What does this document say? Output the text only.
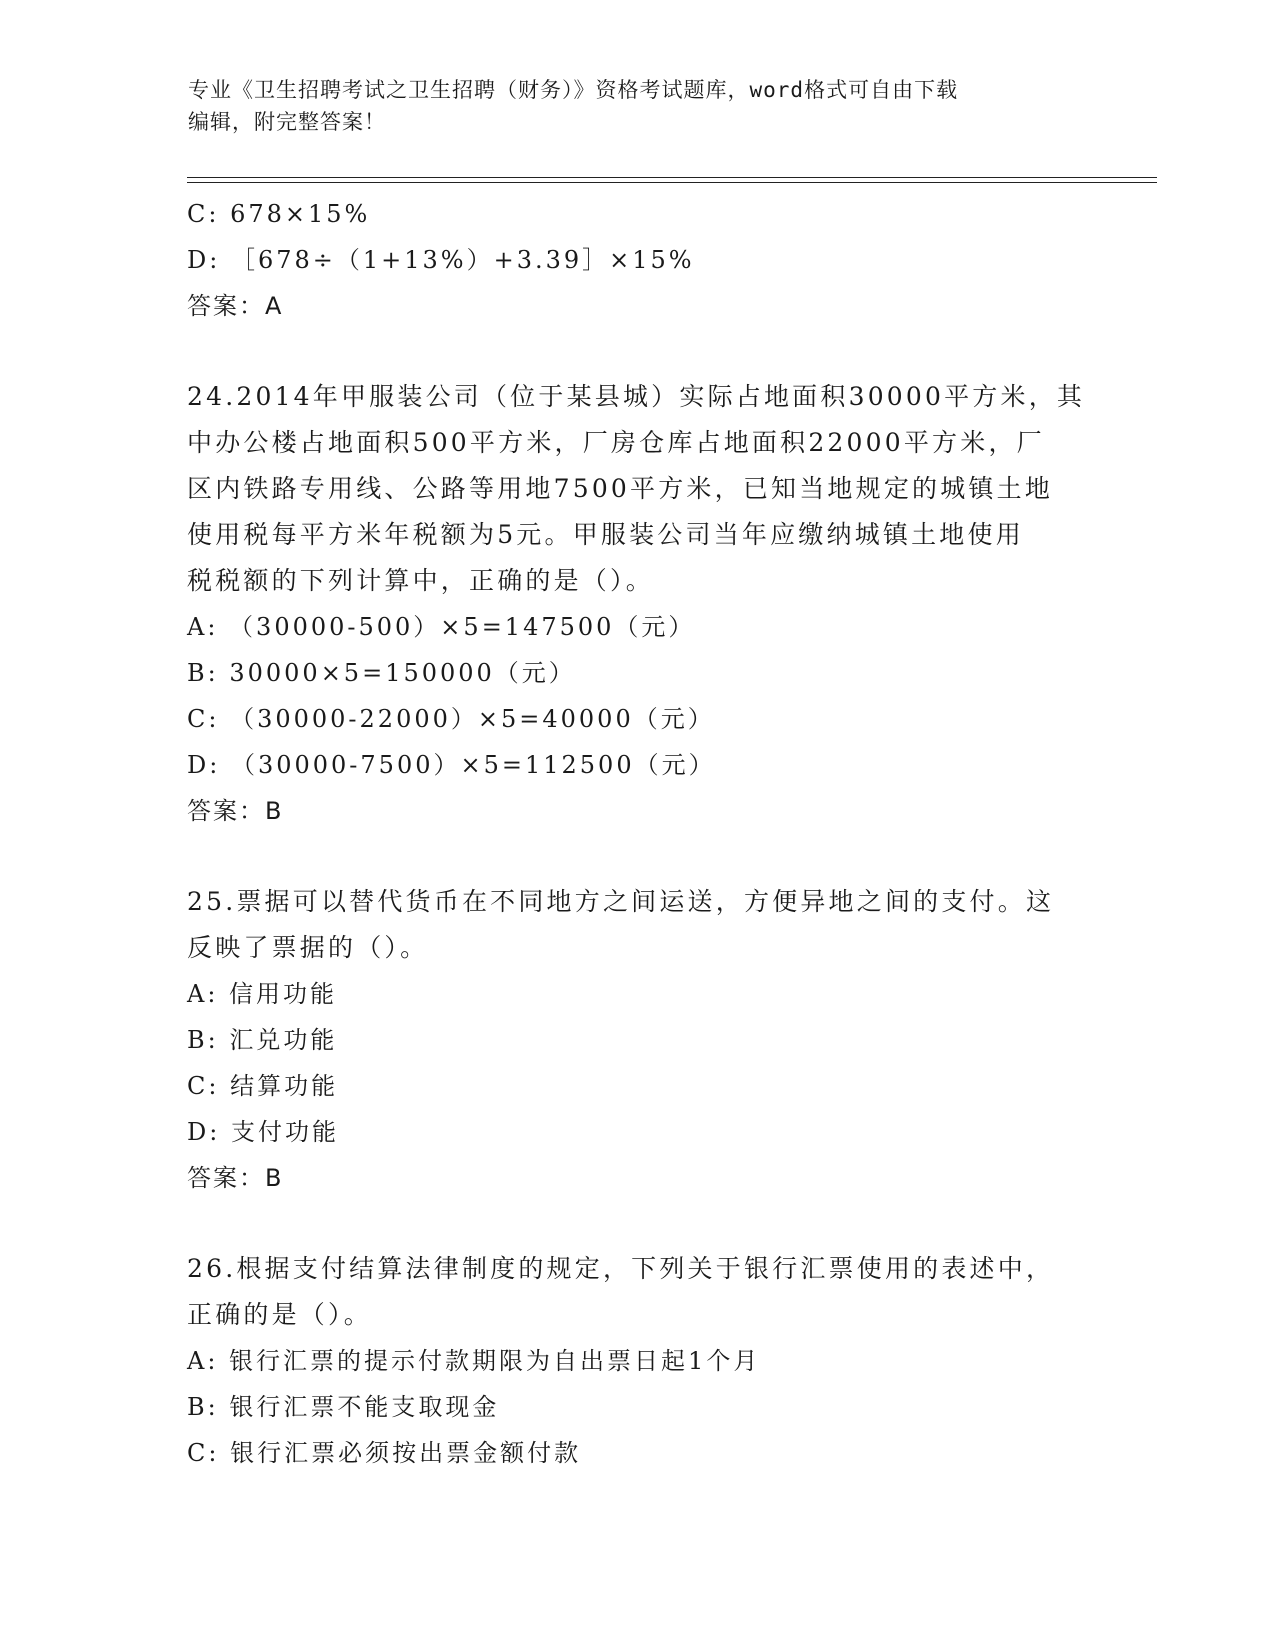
专业《卫生招聘考试之卫生招聘（财务）》资格考试题库，word格式可自由下载
编辑，附完整答案！
C: 678×15%
D: ［678÷（1+13%）+3.39］×15%
答案：A
24.2014年甲服装公司（位于某县城）实际占地面积30000平方米，其
中办公楼占地面积500平方米，厂房仓库占地面积22000平方米，厂
区内铁路专用线、公路等用地7500平方米，已知当地规定的城镇土地
使用税每平方米年税额为5元。甲服装公司当年应缴纳城镇土地使用
税税额的下列计算中，正确的是（）。
A: （30000-500）×5=147500（元）
B: 30000×5=150000（元）
C: （30000-22000）×5=40000（元）
D: （30000-7500）×5=112500（元）
答案：B
25.票据可以替代货币在不同地方之间运送，方便异地之间的支付。这
反映了票据的（）。
A: 信用功能
B: 汇兑功能
C: 结算功能
D: 支付功能
答案：B
26.根据支付结算法律制度的规定，下列关于银行汇票使用的表述中，
正确的是（）。
A: 银行汇票的提示付款期限为自出票日起1个月
B: 银行汇票不能支取现金
C: 银行汇票必须按出票金额付款
